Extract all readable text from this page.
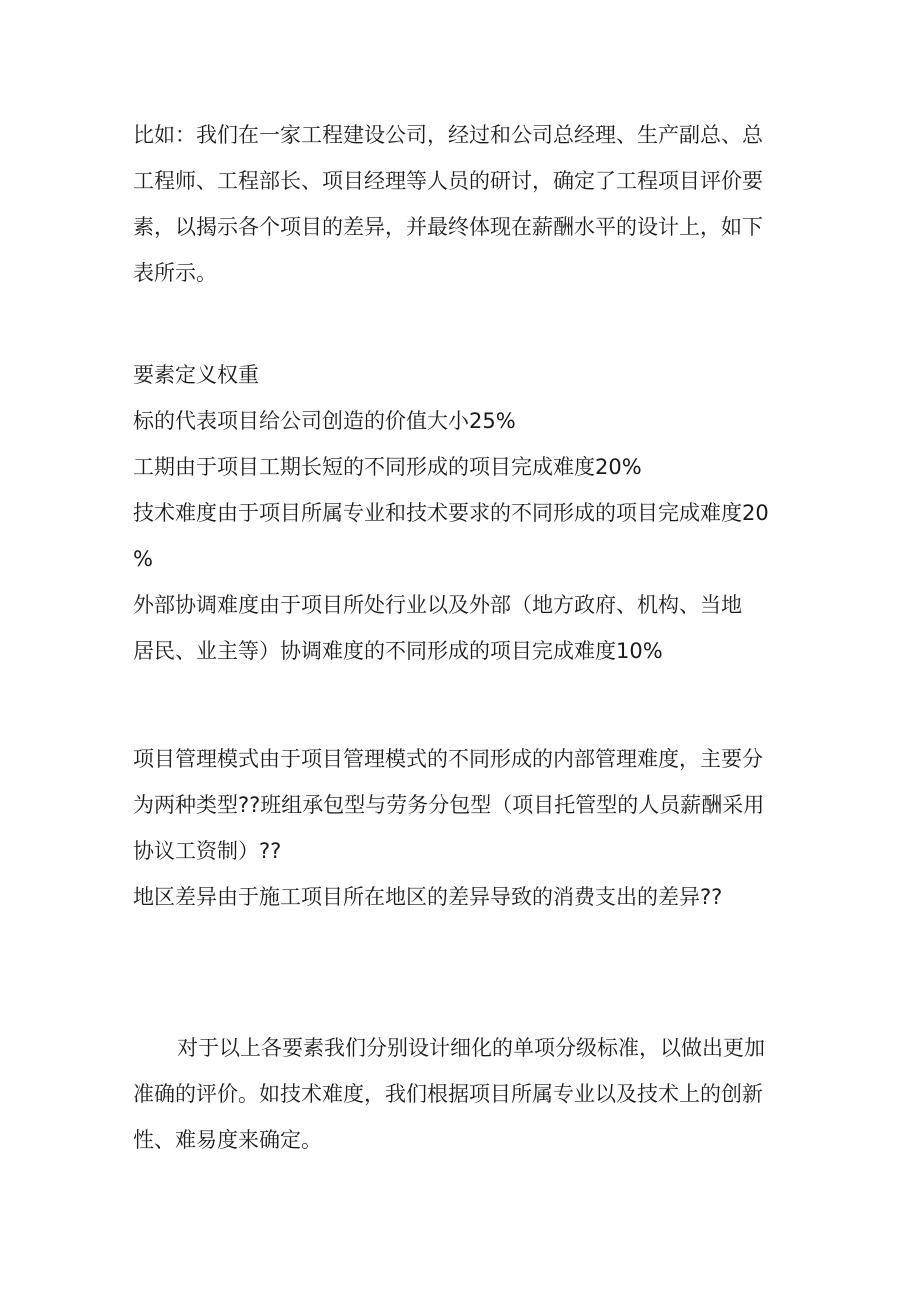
比如：我们在一家工程建设公司，经过和公司总经理、生产副总、总
工程师、工程部长、项目经理等人员的研讨，确定了工程项目评价要
素，以揭示各个项目的差异，并最终体现在薪酬水平的设计上，如下
表所示。
要素定义权重
标的代表项目给公司创造的价值大小25%
工期由于项目工期长短的不同形成的项目完成难度20%
技术难度由于项目所属专业和技术要求的不同形成的项目完成难度20
%
外部协调难度由于项目所处行业以及外部（地方政府、机构、当地
居民、业主等）协调难度的不同形成的项目完成难度10%
项目管理模式由于项目管理模式的不同形成的内部管理难度，主要分
为两种类型??班组承包型与劳务分包型（项目托管型的人员薪酬采用
协议工资制）??
地区差异由于施工项目所在地区的差异导致的消费支出的差异??
对于以上各要素我们分别设计细化的单项分级标准，以做出更加
准确的评价。如技术难度，我们根据项目所属专业以及技术上的创新
性、难易度来确定。
